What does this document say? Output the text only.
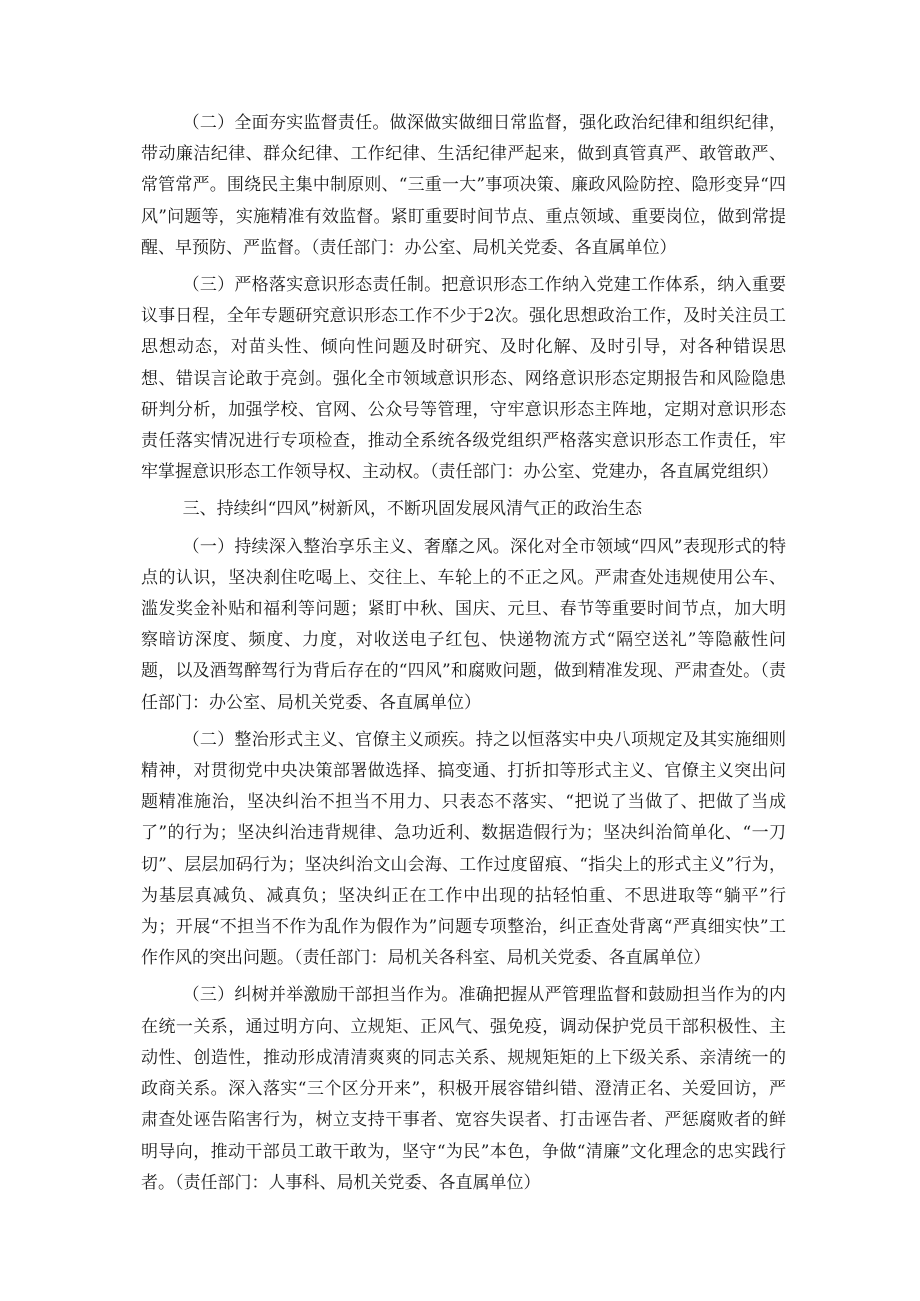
（二）全面夯实监督责任。做深做实做细日常监督，强化政治纪律和组织纪律，带动廉洁纪律、群众纪律、工作纪律、生活纪律严起来，做到真管真严、敢管敢严、常管常严。围绕民主集中制原则、“三重一大”事项决策、廉政风险防控、隐形变异“四风”问题等，实施精准有效监督。紧盯重要时间节点、重点领域、重要岗位，做到常提醒、早预防、严监督。（责任部门：办公室、局机关党委、各直属单位）

（三）严格落实意识形态责任制。把意识形态工作纳入党建工作体系，纳入重要议事日程，全年专题研究意识形态工作不少于2次。强化思想政治工作，及时关注员工思想动态，对苗头性、倾向性问题及时研究、及时化解、及时引导，对各种错误思想、错误言论敢于亮剑。强化全市领域意识形态、网络意识形态定期报告和风险隐患研判分析，加强学校、官网、公众号等管理，守牢意识形态主阵地，定期对意识形态责任落实情况进行专项检查，推动全系统各级党组织严格落实意识形态工作责任，牢牢掌握意识形态工作领导权、主动权。（责任部门：办公室、党建办，各直属党组织）

三、持续纠“四风”树新风，不断巩固发展风清气正的政治生态

（一）持续深入整治享乐主义、奢靡之风。深化对全市领域“四风”表现形式的特点的认识，坚决刹住吃喝上、交往上、车轮上的不正之风。严肃查处违规使用公车、滥发奖金补贴和福利等问题；紧盯中秋、国庆、元旦、春节等重要时间节点，加大明察暗访深度、频度、力度，对收送电子红包、快递物流方式“隔空送礼”等隐蔽性问题，以及酒驾醉驾行为背后存在的“四风”和腐败问题，做到精准发现、严肃查处。（责任部门：办公室、局机关党委、各直属单位）

（二）整治形式主义、官僚主义顽疾。持之以恒落实中央八项规定及其实施细则精神，对贯彻党中央决策部署做选择、搞变通、打折扣等形式主义、官僚主义突出问题精准施治，坚决纠治不担当不用力、只表态不落实、“把说了当做了、把做了当成了”的行为；坚决纠治违背规律、急功近利、数据造假行为；坚决纠治简单化、“一刀切”、层层加码行为；坚决纠治文山会海、工作过度留痕、“指尖上的形式主义”行为，为基层真减负、减真负；坚决纠正在工作中出现的拈轻怕重、不思进取等“躺平”行为；开展“不担当不作为乱作为假作为”问题专项整治，纠正查处背离“严真细实快”工作作风的突出问题。（责任部门：局机关各科室、局机关党委、各直属单位）

（三）纠树并举激励干部担当作为。准确把握从严管理监督和鼓励担当作为的内在统一关系，通过明方向、立规矩、正风气、强免疫，调动保护党员干部积极性、主动性、创造性，推动形成清清爽爽的同志关系、规规矩矩的上下级关系、亲清统一的政商关系。深入落实“三个区分开来”，积极开展容错纠错、澄清正名、关爱回访，严肃查处诬告陷害行为，树立支持干事者、宽容失误者、打击诬告者、严惩腐败者的鲜明导向，推动干部员工敢干敢为，坚守“为民”本色，争做“清廉”文化理念的忠实践行者。（责任部门：人事科、局机关党委、各直属单位）
